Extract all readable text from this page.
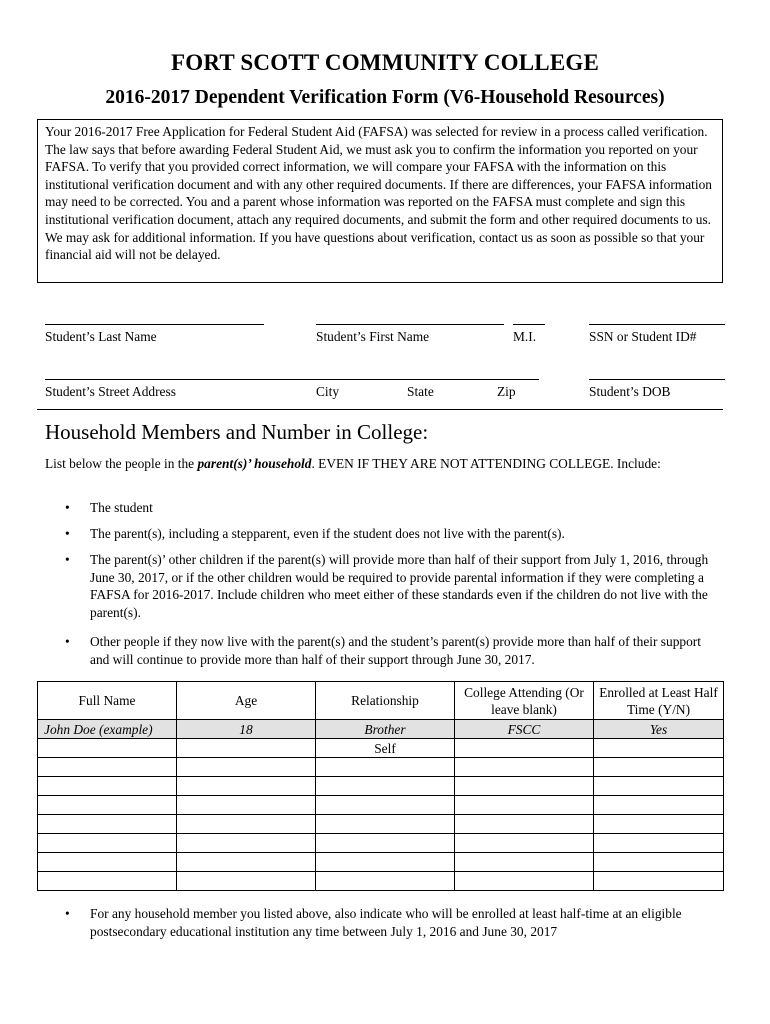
FORT SCOTT COMMUNITY COLLEGE
2016-2017 Dependent Verification Form (V6-Household Resources)
Your 2016-2017 Free Application for Federal Student Aid (FAFSA) was selected for review in a process called verification. The law says that before awarding Federal Student Aid, we must ask you to confirm the information you reported on your FAFSA. To verify that you provided correct information, we will compare your FAFSA with the information on this institutional verification document and with any other required documents. If there are differences, your FAFSA information may need to be corrected. You and a parent whose information was reported on the FAFSA must complete and sign this institutional verification document, attach any required documents, and submit the form and other required documents to us. We may ask for additional information. If you have questions about verification, contact us as soon as possible so that your financial aid will not be delayed.
Student’s Last Name	Student’s First Name	M.I.	SSN or Student ID#
Student’s Street Address	City	State	Zip	Student’s DOB
Household Members and Number in College:
List below the people in the parent(s)’ household. EVEN IF THEY ARE NOT ATTENDING COLLEGE. Include:
• The student
• The parent(s), including a stepparent, even if the student does not live with the parent(s).
• The parent(s)’ other children if the parent(s) will provide more than half of their support from July 1, 2016, through June 30, 2017, or if the other children would be required to provide parental information if they were completing a FAFSA for 2016-2017. Include children who meet either of these standards even if the children do not live with the parent(s).
• Other people if they now live with the parent(s) and the student’s parent(s) provide more than half of their support and will continue to provide more than half of their support through June 30, 2017.
Full Name	Age	Relationship	College Attending (Or leave blank)	Enrolled at Least Half Time (Y/N)
John Doe (example)	18	Brother	FSCC	Yes
		Self		

• For any household member you listed above, also indicate who will be enrolled at least half-time at an eligible postsecondary educational institution any time between July 1, 2016 and June 30, 2017
